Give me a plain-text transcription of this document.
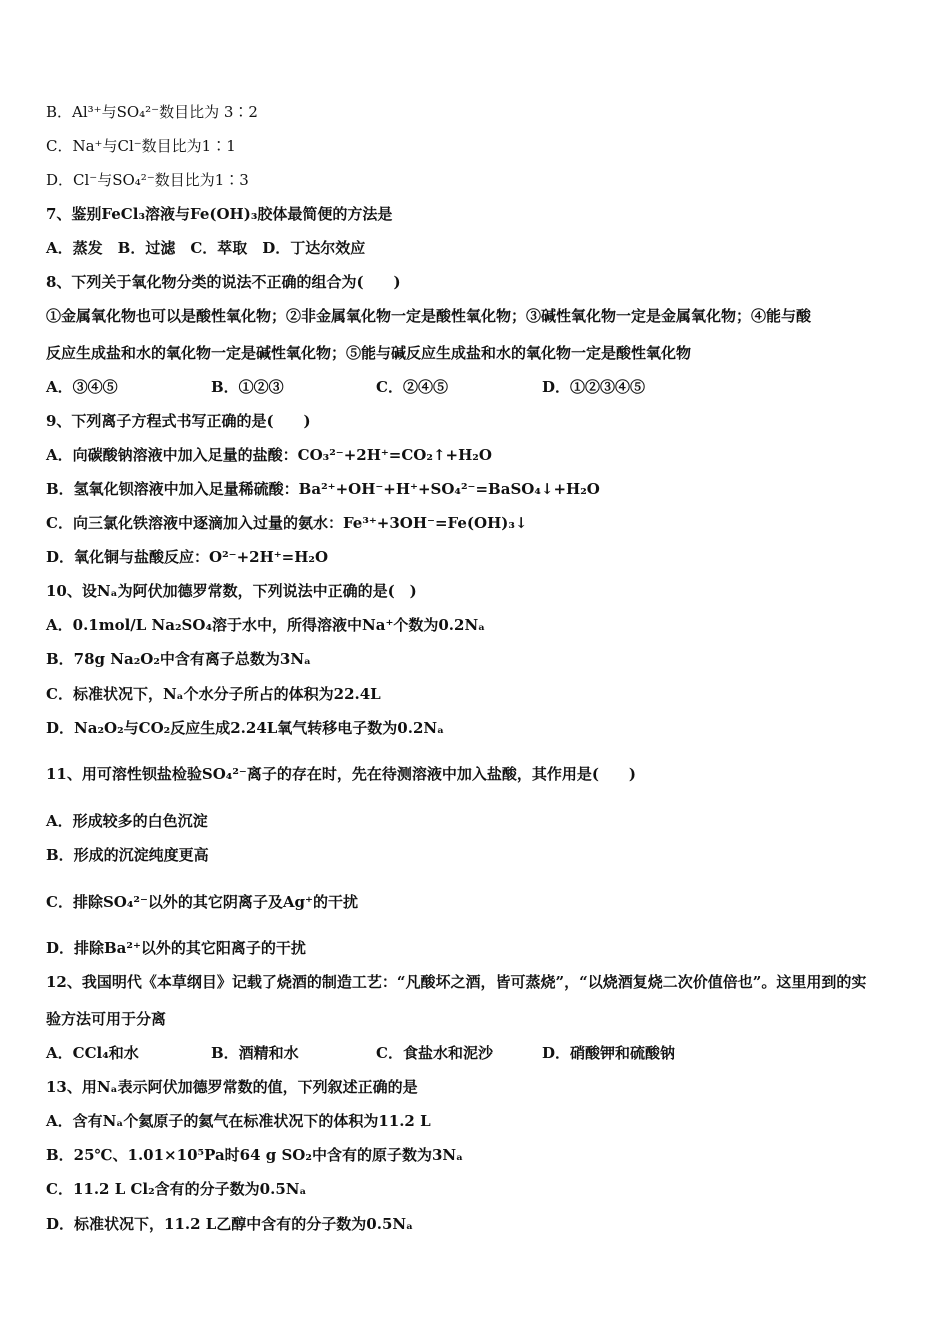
B．Al³⁺与SO₄²⁻数目比为 3∶2
C．Na⁺与Cl⁻数目比为1∶1
D．Cl⁻与SO₄²⁻数目比为1∶3
7、鉴别FeCl₃溶液与Fe(OH)₃胶体最简便的方法是
A．蒸发　B．过滤　C．萃取　D．丁达尔效应
8、下列关于氧化物分类的说法不正确的组合为(　　)
①金属氧化物也可以是酸性氧化物；②非金属氧化物一定是酸性氧化物；③碱性氧化物一定是金属氧化物；④能与酸
反应生成盐和水的氧化物一定是碱性氧化物；⑤能与碱反应生成盐和水的氧化物一定是酸性氧化物
A．③④⑤	B．①②③	C．②④⑤	D．①②③④⑤
9、下列离子方程式书写正确的是(　　)
A．向碳酸钠溶液中加入足量的盐酸：CO₃²⁻+2H⁺=CO₂↑+H₂O
B．氢氧化钡溶液中加入足量稀硫酸：Ba²⁺+OH⁻+H⁺+SO₄²⁻=BaSO₄↓+H₂O
C．向三氯化铁溶液中逐滴加入过量的氨水：Fe³⁺+3OH⁻=Fe(OH)₃↓
D．氧化铜与盐酸反应：O²⁻+2H⁺=H₂O
10、设Nₐ为阿伏加德罗常数，下列说法中正确的是(　)
A．0.1mol/L Na₂SO₄溶于水中，所得溶液中Na⁺个数为0.2Nₐ
B．78g Na₂O₂中含有离子总数为3Nₐ
C．标准状况下，Nₐ个水分子所占的体积为22.4L
D．Na₂O₂与CO₂反应生成2.24L氧气转移电子数为0.2Nₐ
11、用可溶性钡盐检验SO₄²⁻离子的存在时，先在待测溶液中加入盐酸，其作用是(　　)
A．形成较多的白色沉淀
B．形成的沉淀纯度更高
C．排除SO₄²⁻以外的其它阴离子及Ag⁺的干扰
D．排除Ba²⁺以外的其它阳离子的干扰
12、我国明代《本草纲目》记载了烧酒的制造工艺：“凡酸坏之酒，皆可蒸烧”，“以烧酒复烧二次价值倍也”。这里用到的实
验方法可用于分离
A．CCl₄和水	B．酒精和水	C．食盐水和泥沙	D．硝酸钾和硫酸钠
13、用Nₐ表示阿伏加德罗常数的值，下列叙述正确的是
A．含有Nₐ个氦原子的氦气在标准状况下的体积为11.2 L
B．25℃、1.01×10⁵Pa时64 g SO₂中含有的原子数为3Nₐ
C．11.2 L Cl₂含有的分子数为0.5Nₐ
D．标准状况下，11.2 L乙醇中含有的分子数为0.5Nₐ
